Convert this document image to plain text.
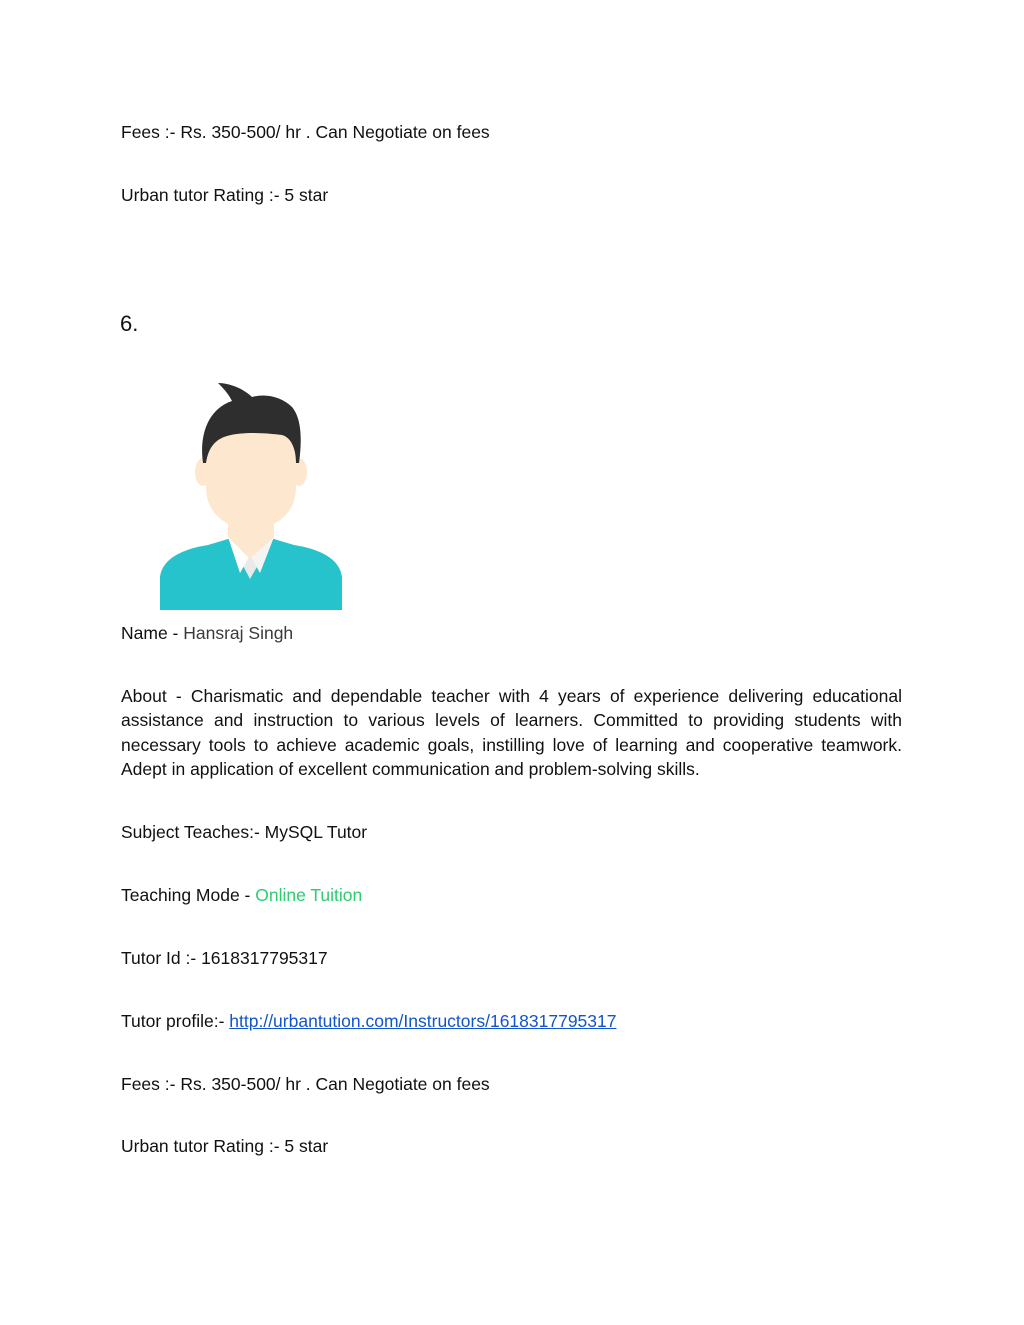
Fees :- Rs. 350-500/ hr . Can Negotiate on fees
Urban tutor Rating :- 5 star
6.
Name - Hansraj Singh
About - Charismatic and dependable teacher with 4 years of experience delivering educational assistance and instruction to various levels of learners. Committed to providing students with necessary tools to achieve academic goals, instilling love of learning and cooperative teamwork. Adept in application of excellent communication and problem-solving skills.
Subject Teaches:- MySQL Tutor
Teaching Mode - Online Tuition
Tutor Id :- 1618317795317
Tutor profile:- http://urbantution.com/Instructors/1618317795317
Fees :- Rs. 350-500/ hr . Can Negotiate on fees
Urban tutor Rating :- 5 star
